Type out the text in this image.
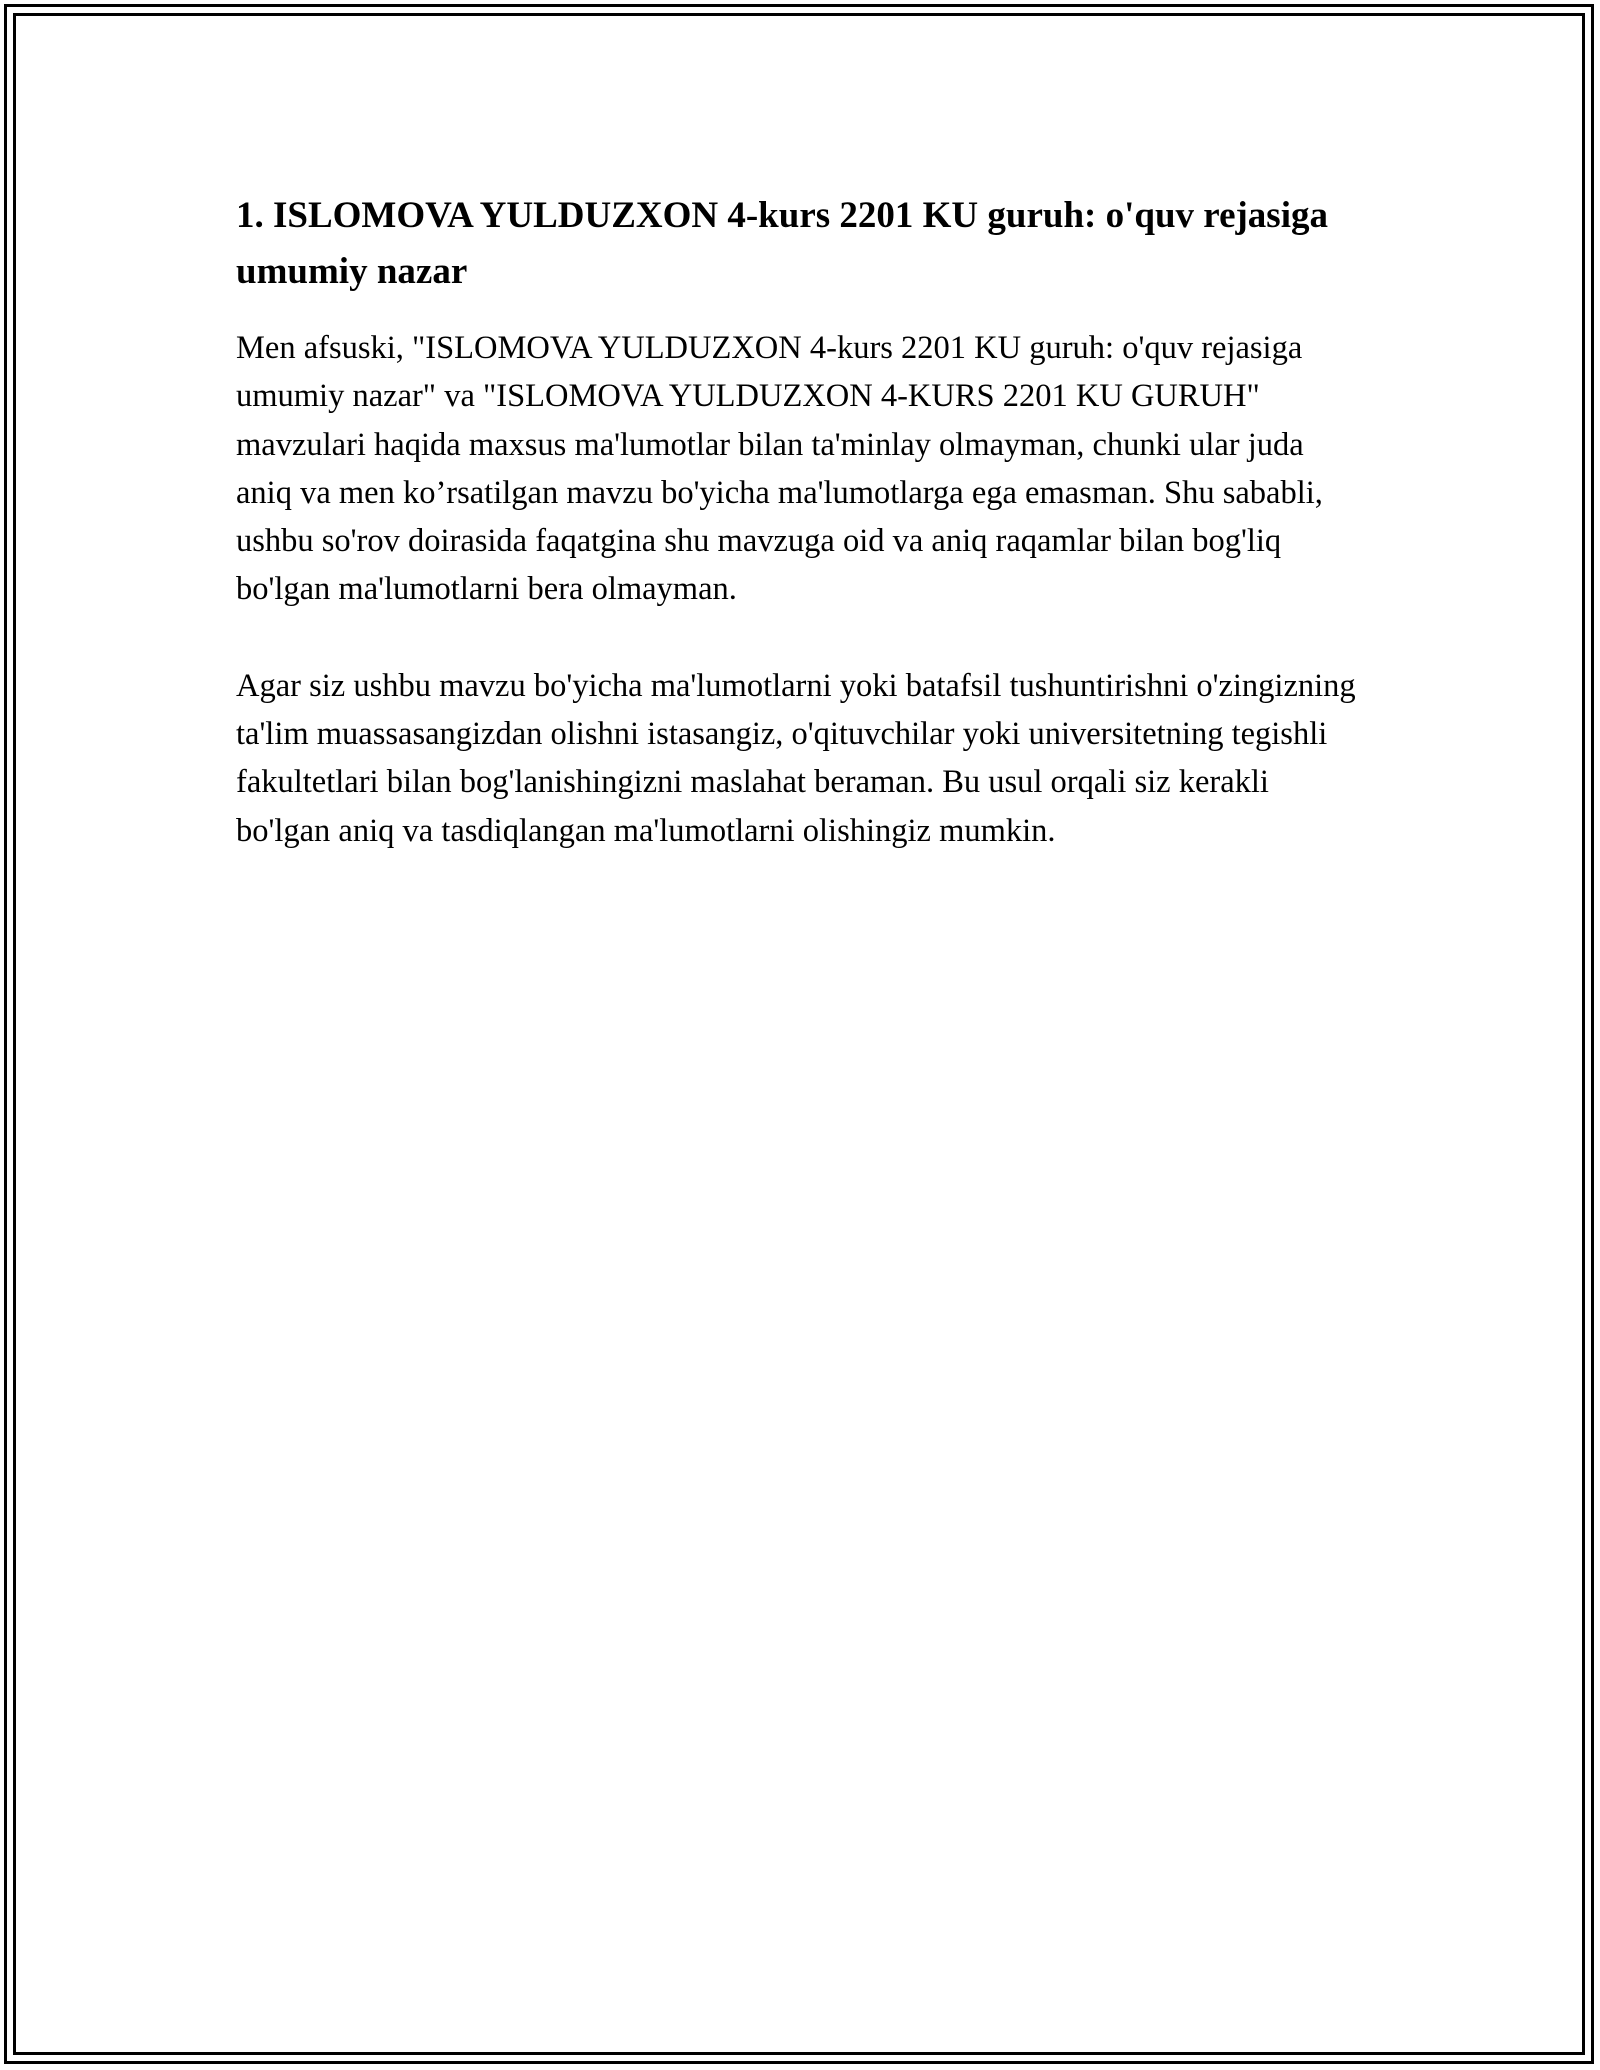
1. ISLOMOVA YULDUZXON 4-kurs 2201 KU guruh: o'quv rejasiga umumiy nazar

Men afsuski, "ISLOMOVA YULDUZXON 4-kurs 2201 KU guruh: o'quv rejasiga umumiy nazar" va "ISLOMOVA YULDUZXON 4-KURS 2201 KU GURUH" mavzulari haqida maxsus ma'lumotlar bilan ta'minlay olmayman, chunki ular juda aniq va men ko’rsatilgan mavzu bo'yicha ma'lumotlarga ega emasman. Shu sababli, ushbu so'rov doirasida faqatgina shu mavzuga oid va aniq raqamlar bilan bog'liq bo'lgan ma'lumotlarni bera olmayman.

Agar siz ushbu mavzu bo'yicha ma'lumotlarni yoki batafsil tushuntirishni o'zingizning ta'lim muassasangizdan olishni istasangiz, o'qituvchilar yoki universitetning tegishli fakultetlari bilan bog'lanishingizni maslahat beraman. Bu usul orqali siz kerakli bo'lgan aniq va tasdiqlangan ma'lumotlarni olishingiz mumkin.
